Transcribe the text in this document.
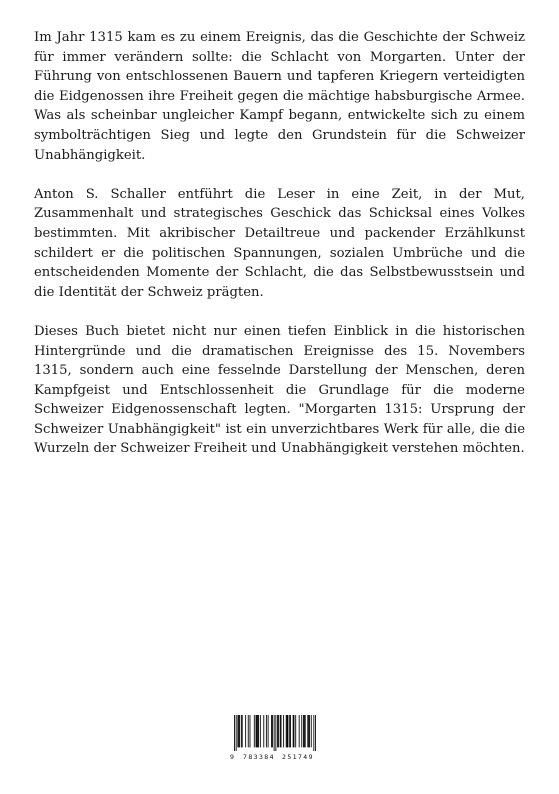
Im Jahr 1315 kam es zu einem Ereignis, das die Geschichte der Schweiz für immer verändern sollte: die Schlacht von Morgarten. Unter der Führung von entschlossenen Bauern und tapferen Kriegern verteidigten die Eidgenossen ihre Freiheit gegen die mächtige habsburgische Armee. Was als scheinbar ungleicher Kampf begann, entwickelte sich zu einem symbolträchtigen Sieg und legte den Grundstein für die Schweizer Unabhängigkeit.

Anton S. Schaller entführt die Leser in eine Zeit, in der Mut, Zusammenhalt und strategisches Geschick das Schicksal eines Volkes bestimmten. Mit akribischer Detailtreue und packender Erzählkunst schildert er die politischen Spannungen, sozialen Umbrüche und die entscheidenden Momente der Schlacht, die das Selbstbewusstsein und die Identität der Schweiz prägten.

Dieses Buch bietet nicht nur einen tiefen Einblick in die historischen Hintergründe und die dramatischen Ereignisse des 15. Novembers 1315, sondern auch eine fesselnde Darstellung der Menschen, deren Kampfgeist und Entschlossenheit die Grundlage für die moderne Schweizer Eidgenossenschaft legten. "Morgarten 1315: Ursprung der Schweizer Unabhängigkeit" ist ein unverzichtbares Werk für alle, die die Wurzeln der Schweizer Freiheit und Unabhängigkeit verstehen möchten.

9 783384 251749
